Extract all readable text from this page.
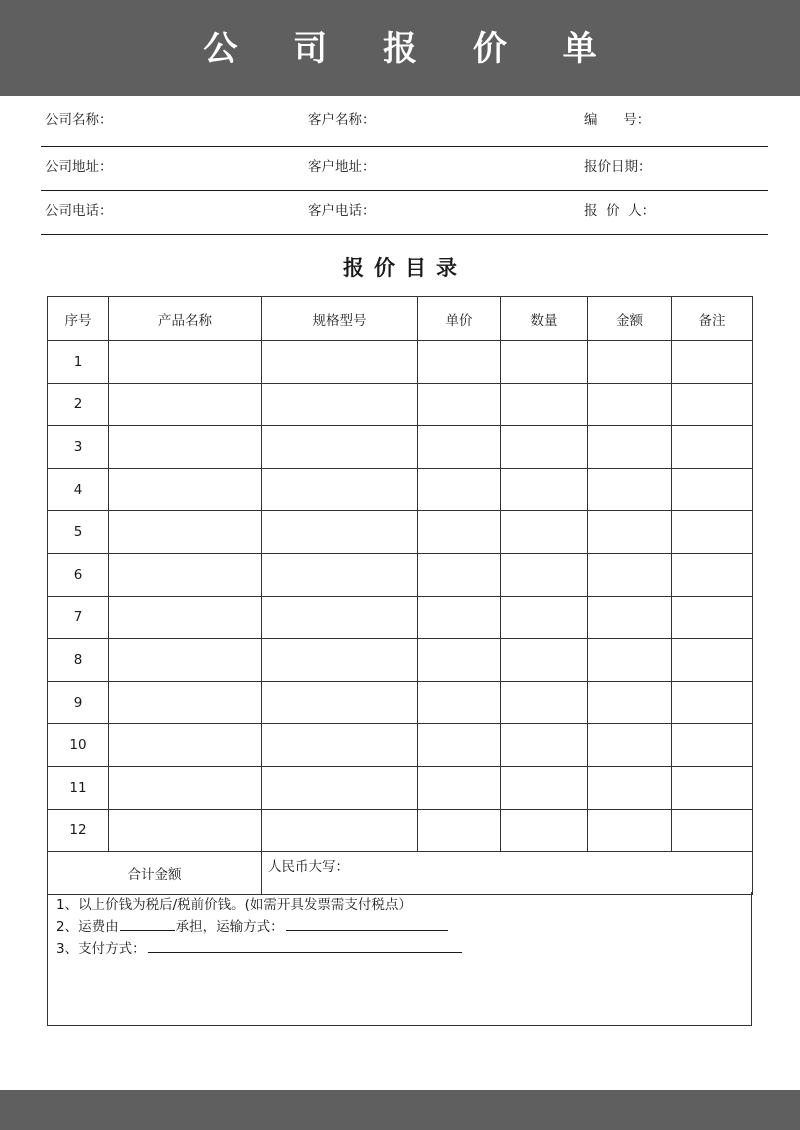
公 司 报 价 单
公司名称：	客户名称：	编      号：
公司地址：	客户地址：	报价日期：
公司电话：	客户电话：	报  价  人：
报价目录
序号	产品名称	规格型号	单价	数量	金额	备注
1						
2						
3						
4						
5						
6						
7						
8						
9						
10						
11						
12						
合计金额		人民币大写：				
1、以上价钱为税后/税前价钱。(如需开具发票需支付税点）
2、运费由	承担，运输方式：
3、支付方式：
